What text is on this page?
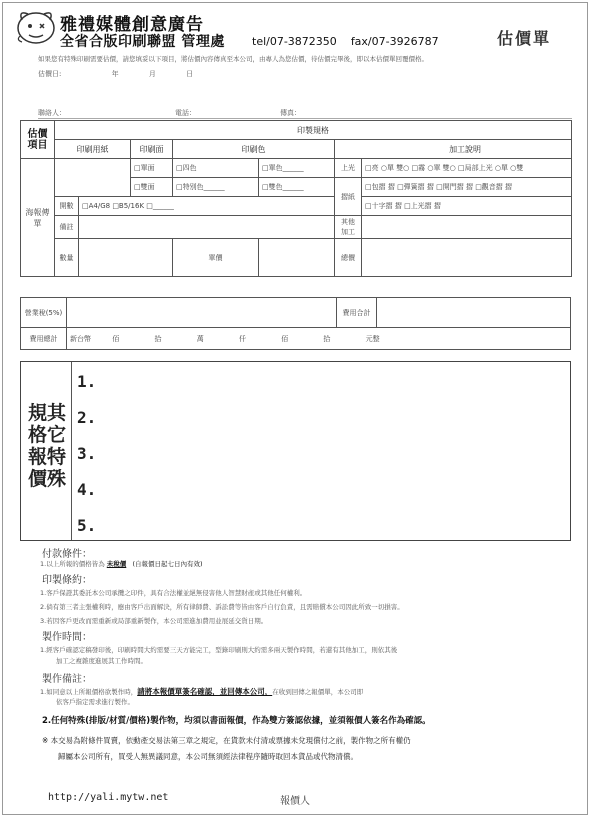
雅禮媒體創意廣告
全省合版印刷聯盟 管理處 tel/07-3872350 fax/07-3926787	估價單
如果您有特殊印刷需要估價，請您填妥以下項目，將估價內容傳真至本公司，由專人為您估價，待估價完畢後，即以本估價單回覆價格。
估價日:	年	月	日
聯絡人：	電話：	傳真：
估價項目	印製規格						
	印刷用紙		印刷面	印刷色		加工說明	
海報傳單			□單面	□四色	□單色______	上光	□亮 ○單 雙○ □霧 ○單 雙○ □局部上光 ○單 ○雙
			□雙面	□特別色______	□雙色______	摺紙	□包摺 摺 □彈簧摺 摺 □開門摺 摺 □觀音摺 摺
	開數	□A4/G8 □B5/16K □______					□十字摺 摺 □上光摺 摺
	備註					其他加工	
	數量			單價		總價	
營業稅(5%)		費用合計	
費用總計	新台幣 佰 拾 萬 仟 佰 拾 元整		
規其格它報特價殊
1.
2.
3.
4.
5.
付款條件：
1.以上所報的價格皆為 未稅價 (自報價日起七日內有效)
印製條約：
1.客戶保證其委託本公司承攬之印件，具有合法權並絕無侵害他人智慧財產或其他任何權利。
2.倘有第三者主張權利時，應由客戶出面解決，所有律師費、訴訟費等皆由客戶自行負責，且需賠償本公司因此所致一切損害。
3.若因客戶更改而需重新或局部重新製作，本公司需進加費用並展延交貨日期。
製作時間：
1.經客戶確認定稿發印後，印刷時間大約需要三天方能完工，型錄印刷則大約需多兩天製作時間，若還有其他加工，則依其後
加工之複雜度進展其工作時間。
製作備註：
1.如同意以上所報價格欲製作時，請將本報價單簽名確認，並回傳本公司，在收到回傳之報價單，本公司即
依客戶指定需求進行製作。
2.任何特殊(排版/材質/價格)製作物，均須以書面報價，作為雙方簽認依據，並須報價人簽名作為確認。
※ 本交易為附條件買賣，依動產交易法第三章之規定，在貨款未付清或票據未兌現償付之前，製作物之所有權仍
歸屬本公司所有，買受人無異議同意，本公司無須經法律程序隨時取回本貨品或代物清償。
http://yali.mytw.net	報價人
